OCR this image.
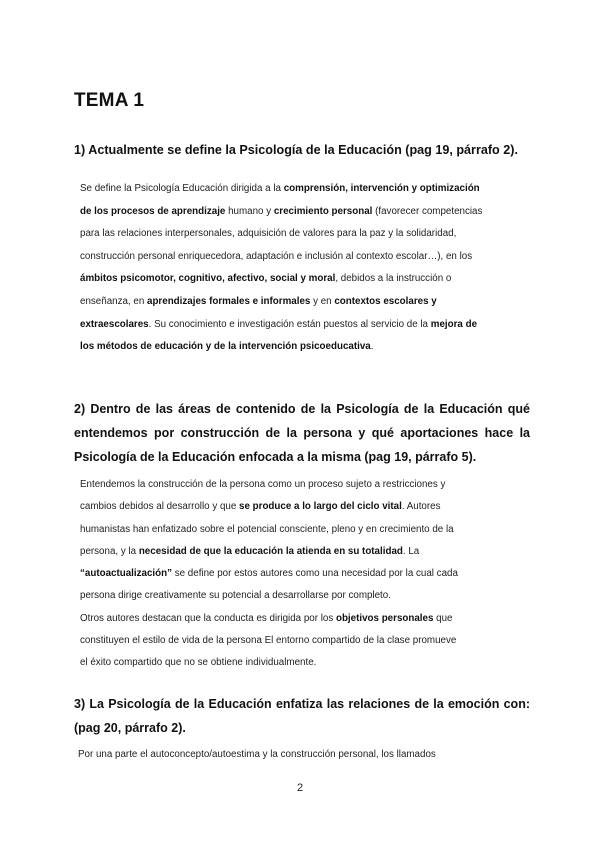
TEMA 1
1) Actualmente se define la Psicología de la Educación (pag 19, párrafo 2).
Se define la Psicología Educación dirigida a la comprensión, intervención y optimización
de los procesos de aprendizaje humano y crecimiento personal (favorecer competencias
para las relaciones interpersonales, adquisición de valores para la paz y la solidaridad,
construcción personal enriquecedora, adaptación e inclusión al contexto escolar…), en los
ámbitos psicomotor, cognitivo, afectivo, social y moral, debidos a la instrucción o
enseñanza, en aprendizajes formales e informales y en contextos escolares y
extraescolares. Su conocimiento e investigación están puestos al servicio de la mejora de
los métodos de educación y de la intervención psicoeducativa.
2) Dentro de las áreas de contenido de la Psicología de la Educación qué entendemos por construcción de la persona y qué aportaciones hace la Psicología de la Educación enfocada a la misma (pag 19, párrafo 5).
Entendemos la construcción de la persona como un proceso sujeto a restricciones y
cambios debidos al desarrollo y que se produce a lo largo del ciclo vital. Autores
humanistas han enfatizado sobre el potencial consciente, pleno y en crecimiento de la
persona, y la necesidad de que la educación la atienda en su totalidad. La
“autoactualización” se define por estos autores como una necesidad por la cual cada
persona dirige creativamente su potencial a desarrollarse por completo.
Otros autores destacan que la conducta es dirigida por los objetivos personales que
constituyen el estilo de vida de la persona El entorno compartido de la clase promueve
el éxito compartido que no se obtiene individualmente.
3) La Psicología de la Educación enfatiza las relaciones de la emoción con: (pag 20, párrafo 2).
Por una parte el autoconcepto/autoestima y la construcción personal, los llamados
2
